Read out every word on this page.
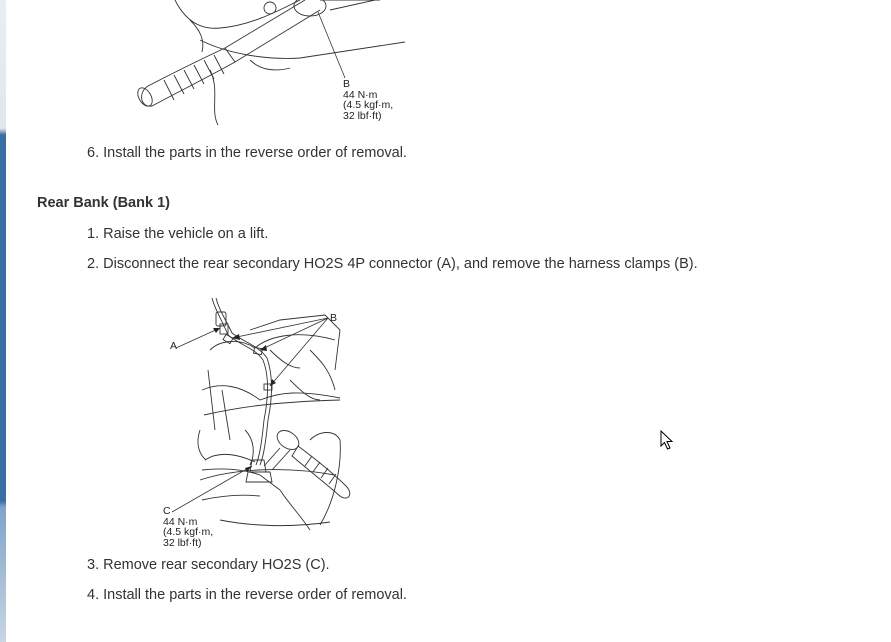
B
44 N·m
(4.5 kgf·m,
32 lbf·ft)

6. Install the parts in the reverse order of removal.

Rear Bank (Bank 1)

1. Raise the vehicle on a lift.

2. Disconnect the rear secondary HO2S 4P connector (A), and remove the harness clamps (B).

A
B
C
44 N·m
(4.5 kgf·m,
32 lbf·ft)

3. Remove rear secondary HO2S (C).

4. Install the parts in the reverse order of removal.
